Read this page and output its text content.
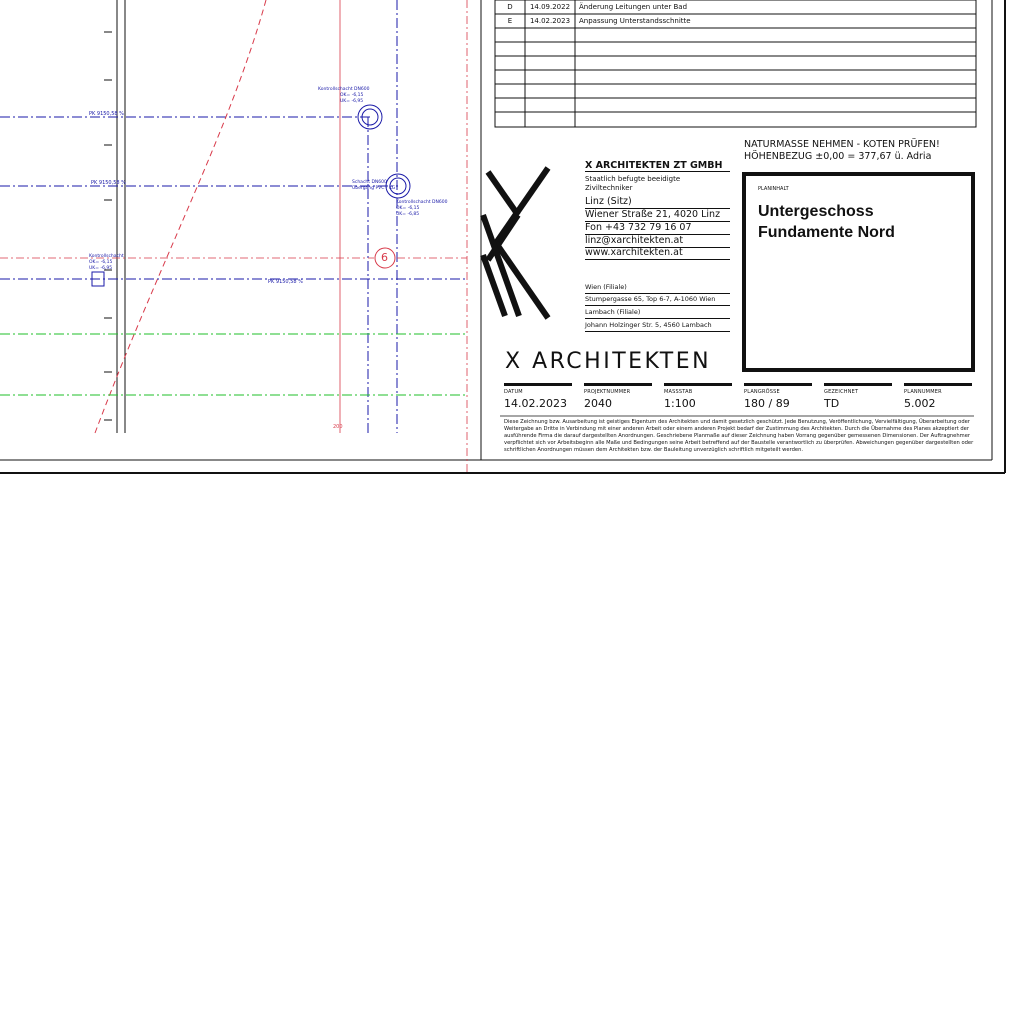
PK 9150,58 %
PK 9150,58 %
PK 9150,58 %
Kontrollschacht DN600
OK= -6,15
UK= -6,95
Schacht DN600
Übergang PVC - KG
Kontrollschacht DN600
OK= -6,15
UK= -6,85
Kontrollschacht
OK= -6,15
UK= -6,95
6
200
D	14.09.2022	Änderung Leitungen unter Bad
E	14.02.2023	Anpassung Unterstandsschnitte
NATURMASSE NEHMEN - KOTEN PRÜFEN!
HÖHENBEZUG ±0,00 = 377,67 ü. Adria
X ARCHITEKTEN ZT GMBH
Staatlich befugte beeidigte
Ziviltechniker
Linz (Sitz)
Wiener Straße 21, 4020 Linz
Fon +43 732 79 16 07
linz@xarchitekten.at
www.xarchitekten.at
Wien (Filiale)
Stumpergasse 65, Top 6-7, A-1060 Wien
Lambach (Filiale)
Johann Holzinger Str. 5, 4560 Lambach
X ARCHITEKTEN
PLANINHALT
Untergeschoss
Fundamente Nord
DATUM
14.02.2023
PROJEKTNUMMER
2040
MASSSTAB
1:100
PLANGRÖSSE
180 / 89
GEZEICHNET
TD
PLANNUMMER
5.002
Diese Zeichnung bzw. Ausarbeitung ist geistiges Eigentum des Architekten und damit gesetzlich geschützt. Jede Benutzung, Veröffentlichung, Vervielfältigung, Überarbeitung oder Weitergabe an Dritte in Verbindung mit einer anderen Arbeit oder einem anderen Projekt bedarf der Zustimmung des Architekten. Durch die Übernahme des Planes akzeptiert der ausführende Firma die darauf dargestellten Anordnungen. Geschriebene Planmaße auf dieser Zeichnung haben Vorrang gegenüber gemessenen Dimensionen. Der Auftragnehmer verpflichtet sich vor Arbeitsbeginn alle Maße und Bedingungen seine Arbeit betreffend auf der Baustelle verantwortlich zu überprüfen. Abweichungen gegenüber dargestellten oder schriftlichen Anordnungen müssen dem Architekten bzw. der Bauleitung unverzüglich schriftlich mitgeteilt werden.
